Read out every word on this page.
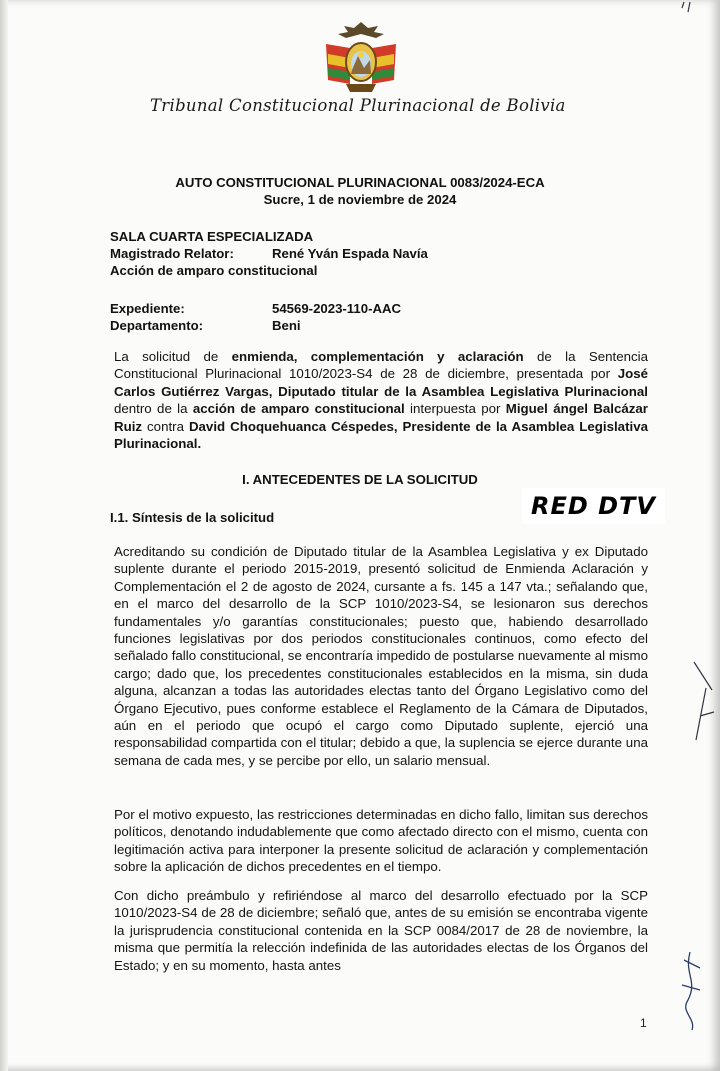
Tribunal Constitucional Plurinacional de Bolivia
AUTO CONSTITUCIONAL PLURINACIONAL 0083/2024-ECA
Sucre, 1 de noviembre de 2024
SALA CUARTA ESPECIALIZADA
Magistrado Relator:	René Yván Espada Navía
Acción de amparo constitucional
Expediente:	54569-2023-110-AAC
Departamento:	Beni
La solicitud de enmienda, complementación y aclaración de la Sentencia Constitucional Plurinacional 1010/2023-S4 de 28 de diciembre, presentada por José Carlos Gutiérrez Vargas, Diputado titular de la Asamblea Legislativa Plurinacional dentro de la acción de amparo constitucional interpuesta por Miguel ángel Balcázar Ruiz contra David Choquehuanca Céspedes, Presidente de la Asamblea Legislativa Plurinacional.
I. ANTECEDENTES DE LA SOLICITUD
I.1. Síntesis de la solicitud	RED DTV
Acreditando su condición de Diputado titular de la Asamblea Legislativa y ex Diputado suplente durante el periodo 2015-2019, presentó solicitud de Enmienda Aclaración y Complementación el 2 de agosto de 2024, cursante a fs. 145 a 147 vta.; señalando que, en el marco del desarrollo de la SCP 1010/2023-S4, se lesionaron sus derechos fundamentales y/o garantías constitucionales; puesto que, habiendo desarrollado funciones legislativas por dos periodos constitucionales continuos, como efecto del señalado fallo constitucional, se encontraría impedido de postularse nuevamente al mismo cargo; dado que, los precedentes constitucionales establecidos en la misma, sin duda alguna, alcanzan a todas las autoridades electas tanto del Órgano Legislativo como del Órgano Ejecutivo, pues conforme establece el Reglamento de la Cámara de Diputados, aún en el periodo que ocupó el cargo como Diputado suplente, ejerció una responsabilidad compartida con el titular; debido a que, la suplencia se ejerce durante una semana de cada mes, y se percibe por ello, un salario mensual.
Por el motivo expuesto, las restricciones determinadas en dicho fallo, limitan sus derechos políticos, denotando indudablemente que como afectado directo con el mismo, cuenta con legitimación activa para interponer la presente solicitud de aclaración y complementación sobre la aplicación de dichos precedentes en el tiempo.
Con dicho preámbulo y refiriéndose al marco del desarrollo efectuado por la SCP 1010/2023-S4 de 28 de diciembre; señaló que, antes de su emisión se encontraba vigente la jurisprudencia constitucional contenida en la SCP 0084/2017 de 28 de noviembre, la misma que permitía la relección indefinida de las autoridades electas de los Órganos del Estado; y en su momento, hasta antes
1
